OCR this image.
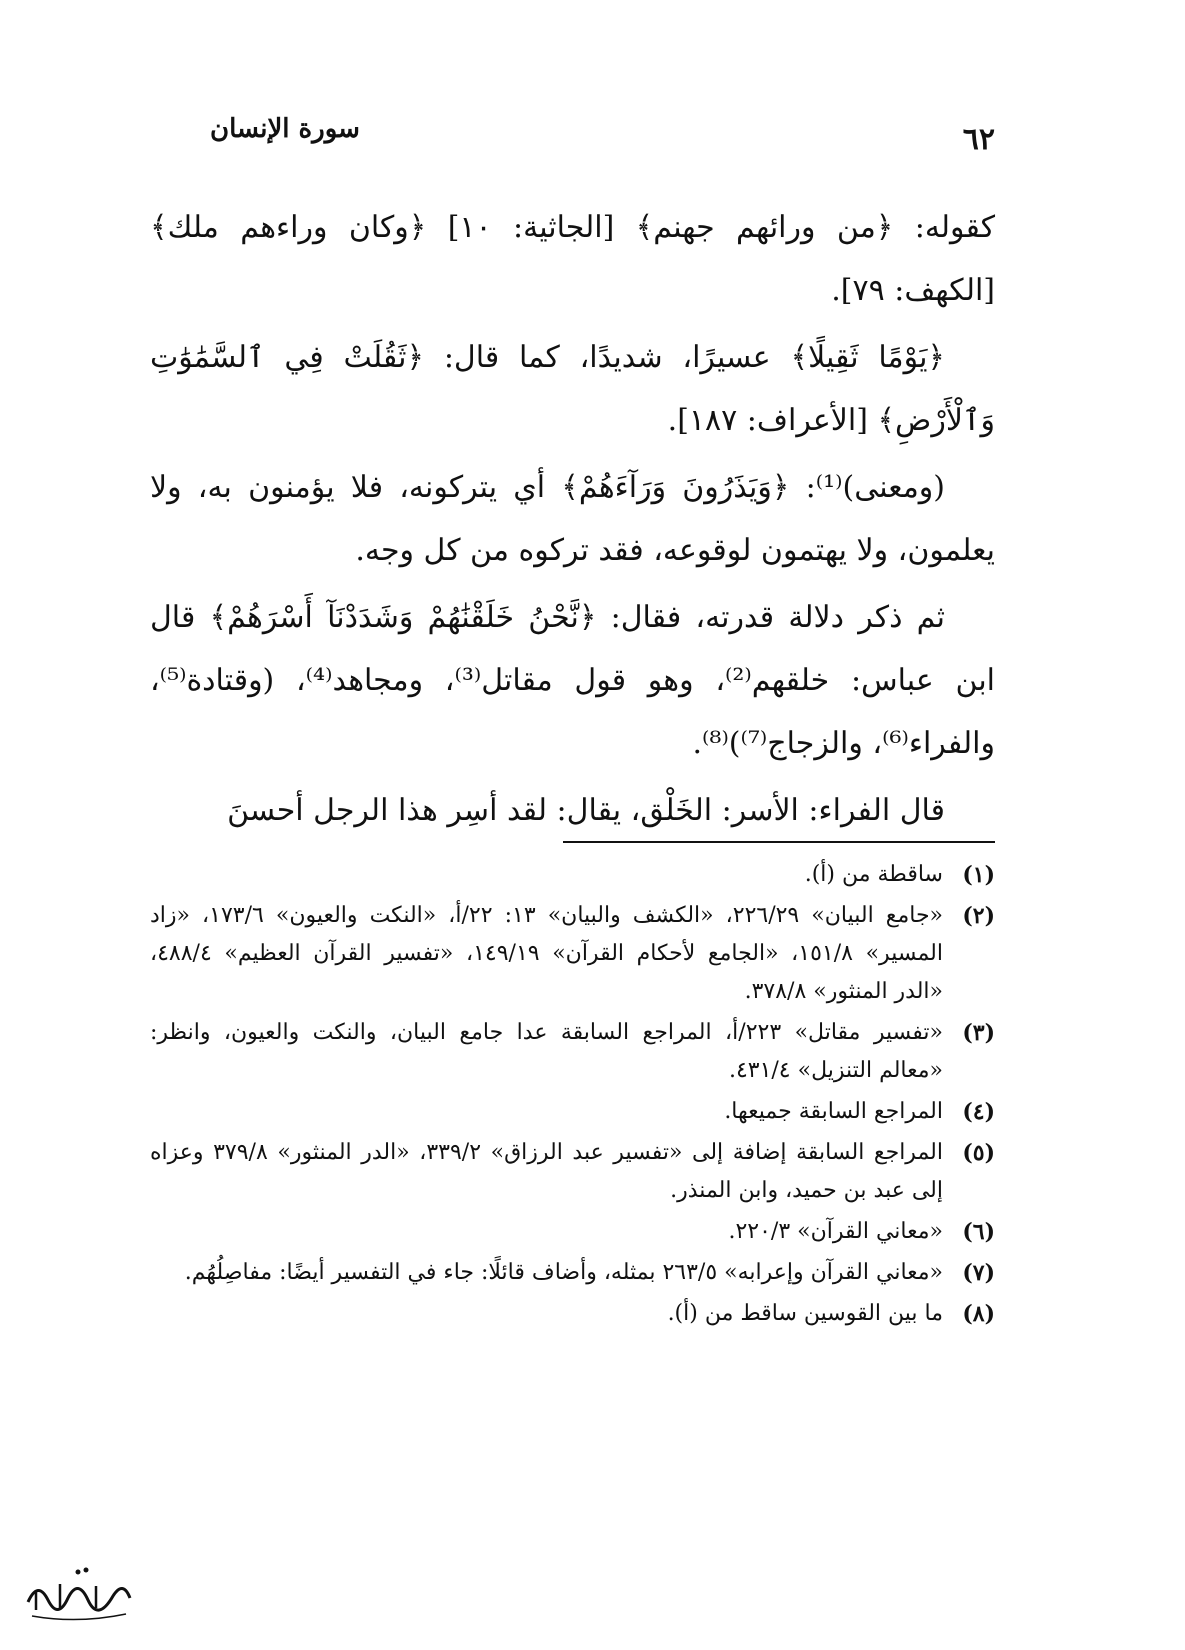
٦٢
سورة الإنسان

كقوله: ﴿من ورائهم جهنم﴾ [الجاثية: ١٠] ﴿وكان وراءهم ملك﴾ [الكهف: ٧٩].

﴿يَوْمًا ثَقِيلًا﴾ عسيرًا، شديدًا، كما قال: ﴿ثَقُلَتْ فِي ٱلسَّمَٰوَٰتِ وَٱلْأَرْضِ﴾ [الأعراف: ١٨٧].

(ومعنى)⁽¹⁾: ﴿وَيَذَرُونَ وَرَآءَهُمْ﴾ أي يتركونه، فلا يؤمنون به، ولا يعلمون، ولا يهتمون لوقوعه، فقد تركوه من كل وجه.

ثم ذكر دلالة قدرته، فقال: ﴿نَّحْنُ خَلَقْنَٰهُمْ وَشَدَدْنَآ أَسْرَهُمْ﴾ قال ابن عباس: خلقهم⁽²⁾، وهو قول مقاتل⁽³⁾، ومجاهد⁽⁴⁾، (وقتادة⁽⁵⁾، والفراء⁽⁶⁾، والزجاج⁽⁷⁾)⁽⁸⁾.

قال الفراء: الأسر: الخَلْق، يقال: لقد أسِر هذا الرجل أحسنَ

(١)
ساقطة من (أ).
(٢)
«جامع البيان» ٢٢٦/٢٩، «الكشف والبيان» ١٣: ٢٢/أ، «النكت والعيون» ١٧٣/٦، «زاد المسير» ١٥١/٨، «الجامع لأحكام القرآن» ١٤٩/١٩، «تفسير القرآن العظيم» ٤٨٨/٤، «الدر المنثور» ٣٧٨/٨.
(٣)
«تفسير مقاتل» ٢٢٣/أ، المراجع السابقة عدا جامع البيان، والنكت والعيون، وانظر: «معالم التنزيل» ٤٣١/٤.
(٤)
المراجع السابقة جميعها.
(٥)
المراجع السابقة إضافة إلى «تفسير عبد الرزاق» ٣٣٩/٢، «الدر المنثور» ٣٧٩/٨ وعزاه إلى عبد بن حميد، وابن المنذر.
(٦)
«معاني القرآن» ٢٢٠/٣.
(٧)
«معاني القرآن وإعرابه» ٢٦٣/٥ بمثله، وأضاف قائلًا: جاء في التفسير أيضًا: مفاصِلُهُم.
(٨)
ما بين القوسين ساقط من (أ).
